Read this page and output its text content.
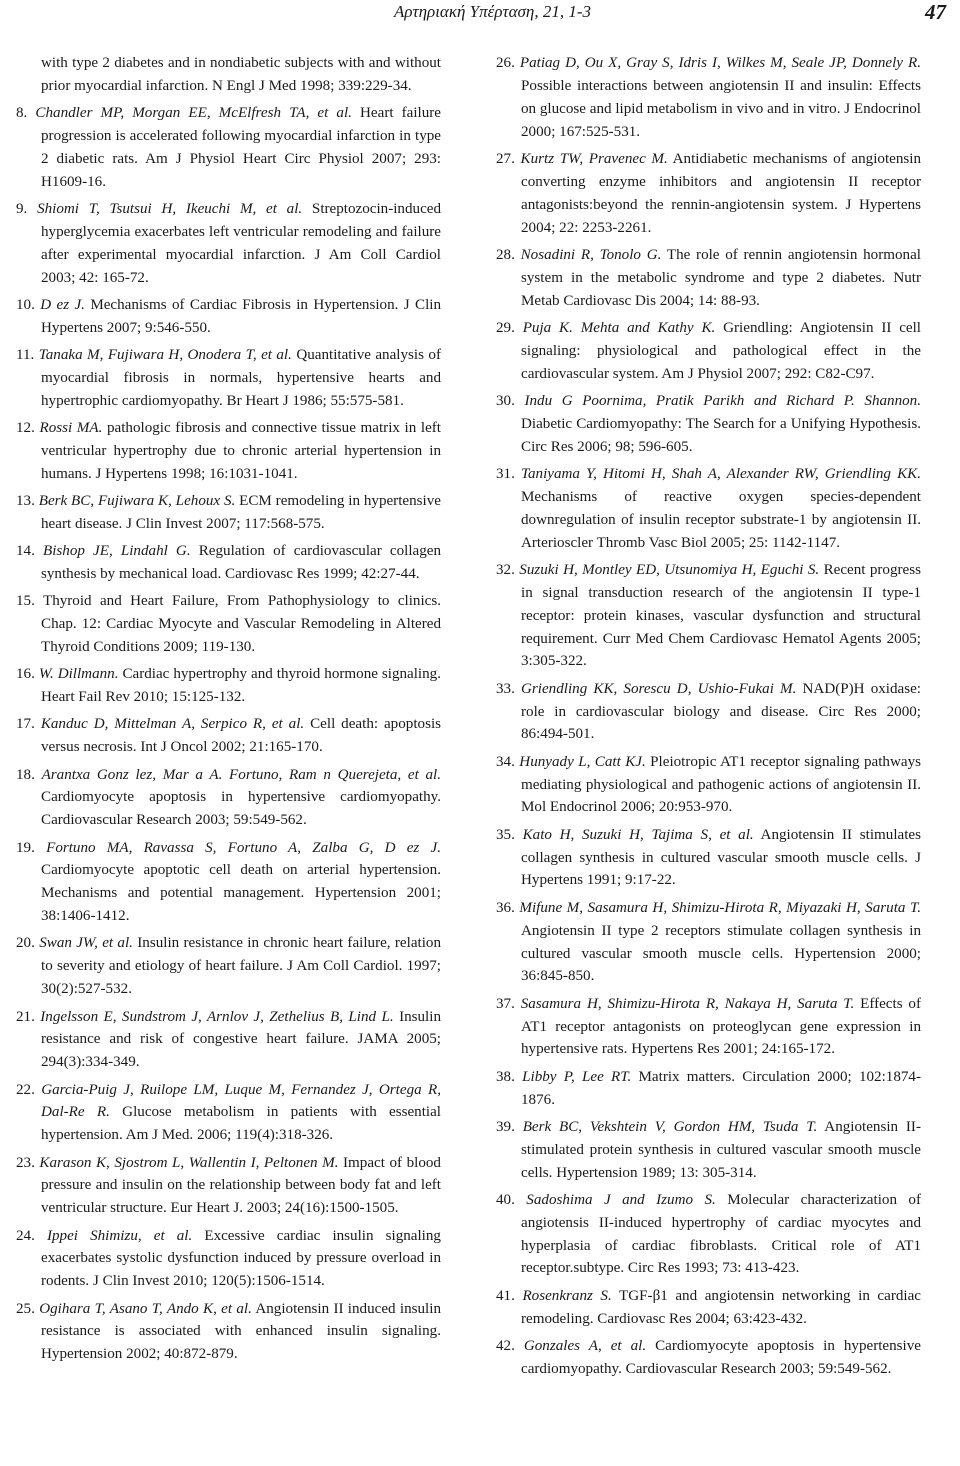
Αρτηριακή Υπέρταση, 21, 1-3	47
with type 2 diabetes and in nondiabetic subjects with and without prior myocardial infarction. N Engl J Med 1998; 339:229-34.
8. Chandler MP, Morgan EE, McElfresh TA, et al. Heart failure progression is accelerated following myocardial infarction in type 2 diabetic rats. Am J Physiol Heart Circ Physiol 2007; 293: H1609-16.
9. Shiomi T, Tsutsui H, Ikeuchi M, et al. Streptozocin-induced hyperglycemia exacerbates left ventricular remodeling and failure after experimental myocardial infarction. J Am Coll Cardiol 2003; 42: 165-72.
10. D ez J. Mechanisms of Cardiac Fibrosis in Hypertension. J Clin Hypertens 2007; 9:546-550.
11. Tanaka M, Fujiwara H, Onodera T, et al. Quantitative analysis of myocardial fibrosis in normals, hypertensive hearts and hypertrophic cardiomyopathy. Br Heart J 1986; 55:575-581.
12. Rossi MA. pathologic fibrosis and connective tissue matrix in left ventricular hypertrophy due to chronic arterial hypertension in humans. J Hypertens 1998; 16:1031-1041.
13. Berk BC, Fujiwara K, Lehoux S. ECM remodeling in hypertensive heart disease. J Clin Invest 2007; 117:568-575.
14. Bishop JE, Lindahl G. Regulation of cardiovascular collagen synthesis by mechanical load. Cardiovasc Res 1999; 42:27-44.
15. Thyroid and Heart Failure, From Pathophysiology to clinics. Chap. 12: Cardiac Myocyte and Vascular Remodeling in Altered Thyroid Conditions 2009; 119-130.
16. W. Dillmann. Cardiac hypertrophy and thyroid hormone signaling. Heart Fail Rev 2010; 15:125-132.
17. Kanduc D, Mittelman A, Serpico R, et al. Cell death: apoptosis versus necrosis. Int J Oncol 2002; 21:165-170.
18. Arantxa Gonz lez, Mar a A. Fortuno, Ram n Querejeta, et al. Cardiomyocyte apoptosis in hypertensive cardiomyopathy. Cardiovascular Research 2003; 59:549-562.
19. Fortuno MA, Ravassa S, Fortuno A, Zalba G, D ez J. Cardiomyocyte apoptotic cell death on arterial hypertension. Mechanisms and potential management. Hypertension 2001; 38:1406-1412.
20. Swan JW, et al. Insulin resistance in chronic heart failure, relation to severity and etiology of heart failure. J Am Coll Cardiol. 1997; 30(2):527-532.
21. Ingelsson E, Sundstrom J, Arnlov J, Zethelius B, Lind L. Insulin resistance and risk of congestive heart failure. JAMA 2005; 294(3):334-349.
22. Garcia-Puig J, Ruilope LM, Luque M, Fernandez J, Ortega R, Dal-Re R. Glucose metabolism in patients with essential hypertension. Am J Med. 2006; 119(4):318-326.
23. Karason K, Sjostrom L, Wallentin I, Peltonen M. Impact of blood pressure and insulin on the relationship between body fat and left ventricular structure. Eur Heart J. 2003; 24(16):1500-1505.
24. Ippei Shimizu, et al. Excessive cardiac insulin signaling exacerbates systolic dysfunction induced by pressure overload in rodents. J Clin Invest 2010; 120(5):1506-1514.
25. Ogihara T, Asano T, Ando K, et al. Angiotensin II induced insulin resistance is associated with enhanced insulin signaling. Hypertension 2002; 40:872-879.
26. Patiag D, Ou X, Gray S, Idris I, Wilkes M, Seale JP, Donnely R. Possible interactions between angiotensin II and insulin: Effects on glucose and lipid metabolism in vivo and in vitro. J Endocrinol 2000; 167:525-531.
27. Kurtz TW, Pravenec M. Antidiabetic mechanisms of angiotensin converting enzyme inhibitors and angiotensin II receptor antagonists:beyond the rennin-angiotensin system. J Hypertens 2004; 22: 2253-2261.
28. Nosadini R, Tonolo G. The role of rennin angiotensin hormonal system in the metabolic syndrome and type 2 diabetes. Nutr Metab Cardiovasc Dis 2004; 14: 88-93.
29. Puja K. Mehta and Kathy K. Griendling: Angiotensin II cell signaling: physiological and pathological effect in the cardiovascular system. Am J Physiol 2007; 292: C82-C97.
30. Indu G Poornima, Pratik Parikh and Richard P. Shannon. Diabetic Cardiomyopathy: The Search for a Unifying Hypothesis. Circ Res 2006; 98; 596-605.
31. Taniyama Y, Hitomi H, Shah A, Alexander RW, Griendling KK. Mechanisms of reactive oxygen species-dependent downregulation of insulin receptor substrate-1 by angiotensin II. Arterioscler Thromb Vasc Biol 2005; 25: 1142-1147.
32. Suzuki H, Montley ED, Utsunomiya H, Eguchi S. Recent progress in signal transduction research of the angiotensin II type-1 receptor: protein kinases, vascular dysfunction and structural requirement. Curr Med Chem Cardiovasc Hematol Agents 2005; 3:305-322.
33. Griendling KK, Sorescu D, Ushio-Fukai M. NAD(P)H oxidase: role in cardiovascular biology and disease. Circ Res 2000; 86:494-501.
34. Hunyady L, Catt KJ. Pleiotropic AT1 receptor signaling pathways mediating physiological and pathogenic actions of angiotensin II. Mol Endocrinol 2006; 20:953-970.
35. Kato H, Suzuki H, Tajima S, et al. Angiotensin II stimulates collagen synthesis in cultured vascular smooth muscle cells. J Hypertens 1991; 9:17-22.
36. Mifune M, Sasamura H, Shimizu-Hirota R, Miyazaki H, Saruta T. Angiotensin II type 2 receptors stimulate collagen synthesis in cultured vascular smooth muscle cells. Hypertension 2000; 36:845-850.
37. Sasamura H, Shimizu-Hirota R, Nakaya H, Saruta T. Effects of AT1 receptor antagonists on proteoglycan gene expression in hypertensive rats. Hypertens Res 2001; 24:165-172.
38. Libby P, Lee RT. Matrix matters. Circulation 2000; 102:1874-1876.
39. Berk BC, Vekshtein V, Gordon HM, Tsuda T. Angiotensin II-stimulated protein synthesis in cultured vascular smooth muscle cells. Hypertension 1989; 13: 305-314.
40. Sadoshima J and Izumo S. Molecular characterization of angiotensis II-induced hypertrophy of cardiac myocytes and hyperplasia of cardiac fibroblasts. Critical role of AT1 receptor.subtype. Circ Res 1993; 73: 413-423.
41. Rosenkranz S. TGF-β1 and angiotensin networking in cardiac remodeling. Cardiovasc Res 2004; 63:423-432.
42. Gonzales A, et al. Cardiomyocyte apoptosis in hypertensive cardiomyopathy. Cardiovascular Research 2003; 59:549-562.
